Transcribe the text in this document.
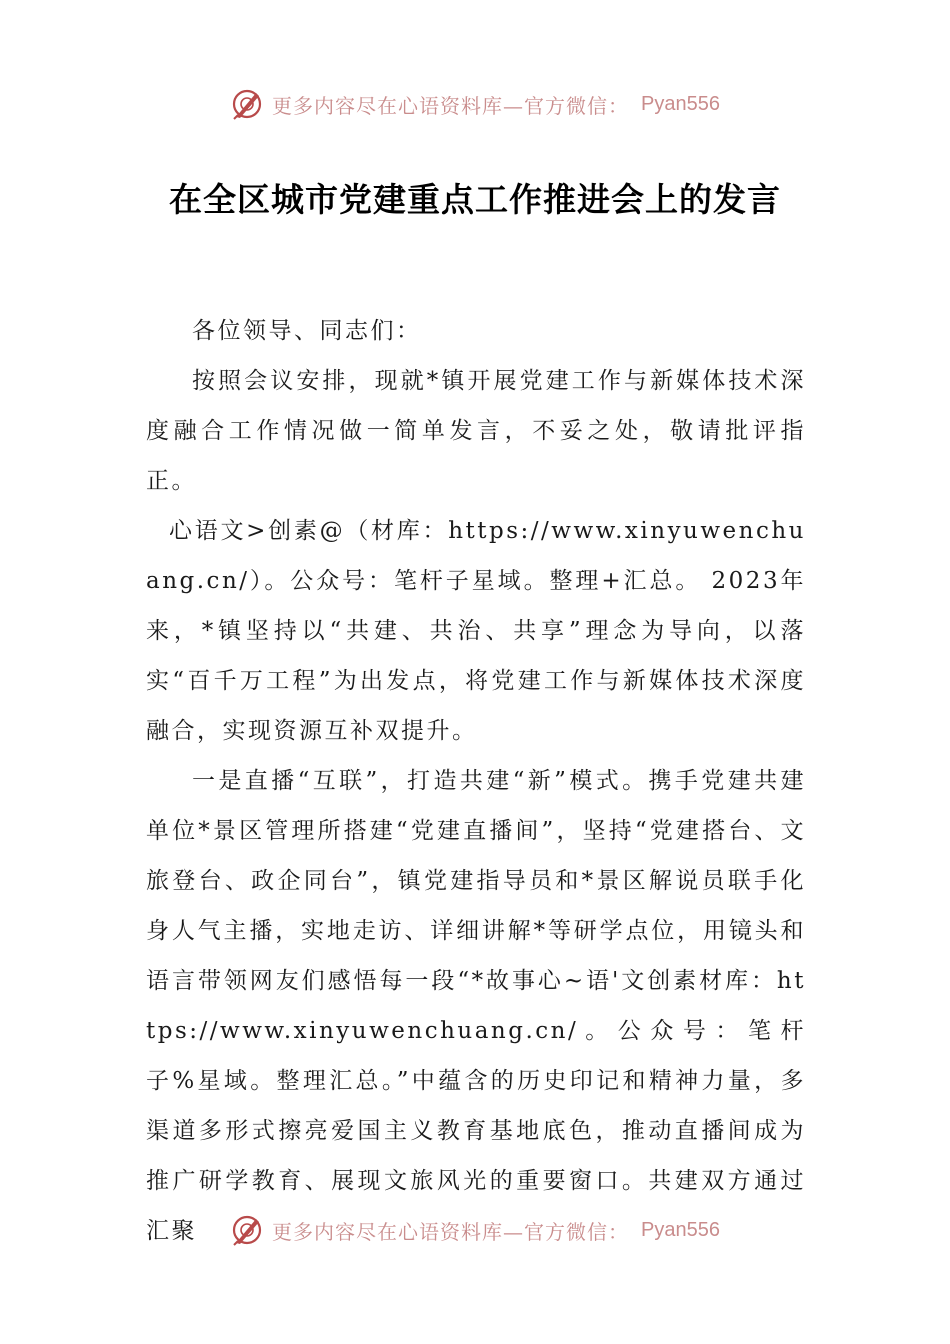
更多内容尽在心语资料库—官方微信： Pyan556
在全区城市党建重点工作推进会上的发言

各位领导、同志们：

按照会议安排，现就*镇开展党建工作与新媒体技术深度融合工作情况做一简单发言，不妥之处，敬请批评指正。

心语文>创素@（材库：https://www.xinyuwenchuang.cn/）。公众号：笔杆子星域。整理+汇总。 2023年来，*镇坚持以“共建、共治、共享”理念为导向，以落实“百千万工程”为出发点，将党建工作与新媒体技术深度融合，实现资源互补双提升。

一是直播“互联”，打造共建“新”模式。携手党建共建单位*景区管理所搭建“党建直播间”，坚持“党建搭台、文旅登台、政企同台”，镇党建指导员和*景区解说员联手化身人气主播，实地走访、详细讲解*等研学点位，用镜头和语言带领网友们感悟每一段“*故事心~语'文创素材库：https://www.xinyuwenchuang.cn/。公众号：笔杆子%星域。整理汇总。”中蕴含的历史印记和精神力量，多渠道多形式擦亮爱国主义教育基地底色，推动直播间成为推广研学教育、展现文旅风光的重要窗口。共建双方通过汇聚	更多内容尽在心语资料库—官方微信： Pyan556
